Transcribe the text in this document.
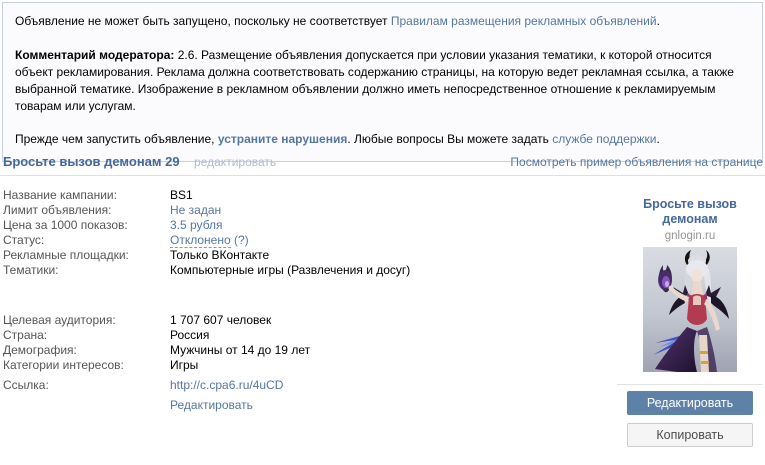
Объявление не может быть запущено, поскольку не соответствует Правилам размещения рекламных объявлений.

Комментарий модератора: 2.6. Размещение объявления допускается при условии указания тематики, к которой относится объект рекламирования. Реклама должна соответствовать содержанию страницы, на которую ведет рекламная ссылка, а также выбранной тематике. Изображение в рекламном объявлении должно иметь непосредственное отношение к рекламируемым товарам или услугам.

Прежде чем запустить объявление, устраните нарушения. Любые вопросы Вы можете задать службе поддержки.

Бросьте вызов демонам 29 редактировать	Посмотреть пример объявления на странице
Название кампании:	BS1
Лимит объявления:	Не задан
Цена за 1000 показов:	3.5 рубля
Статус:	Отклонено (?)
Рекламные площадки:	Только ВКонтакте
Тематики:	Компьютерные игры (Развлечения и досуг)
Целевая аудитория:	1 707 607 человек
Страна:	Россия
Демография:	Мужчины от 14 до 19 лет
Категории интересов:	Игры
Ссылка:	http://c.cpa6.ru/4uCD
Редактировать
Бросьте вызов демонам
gnlogin.ru
Редактировать
Копировать
